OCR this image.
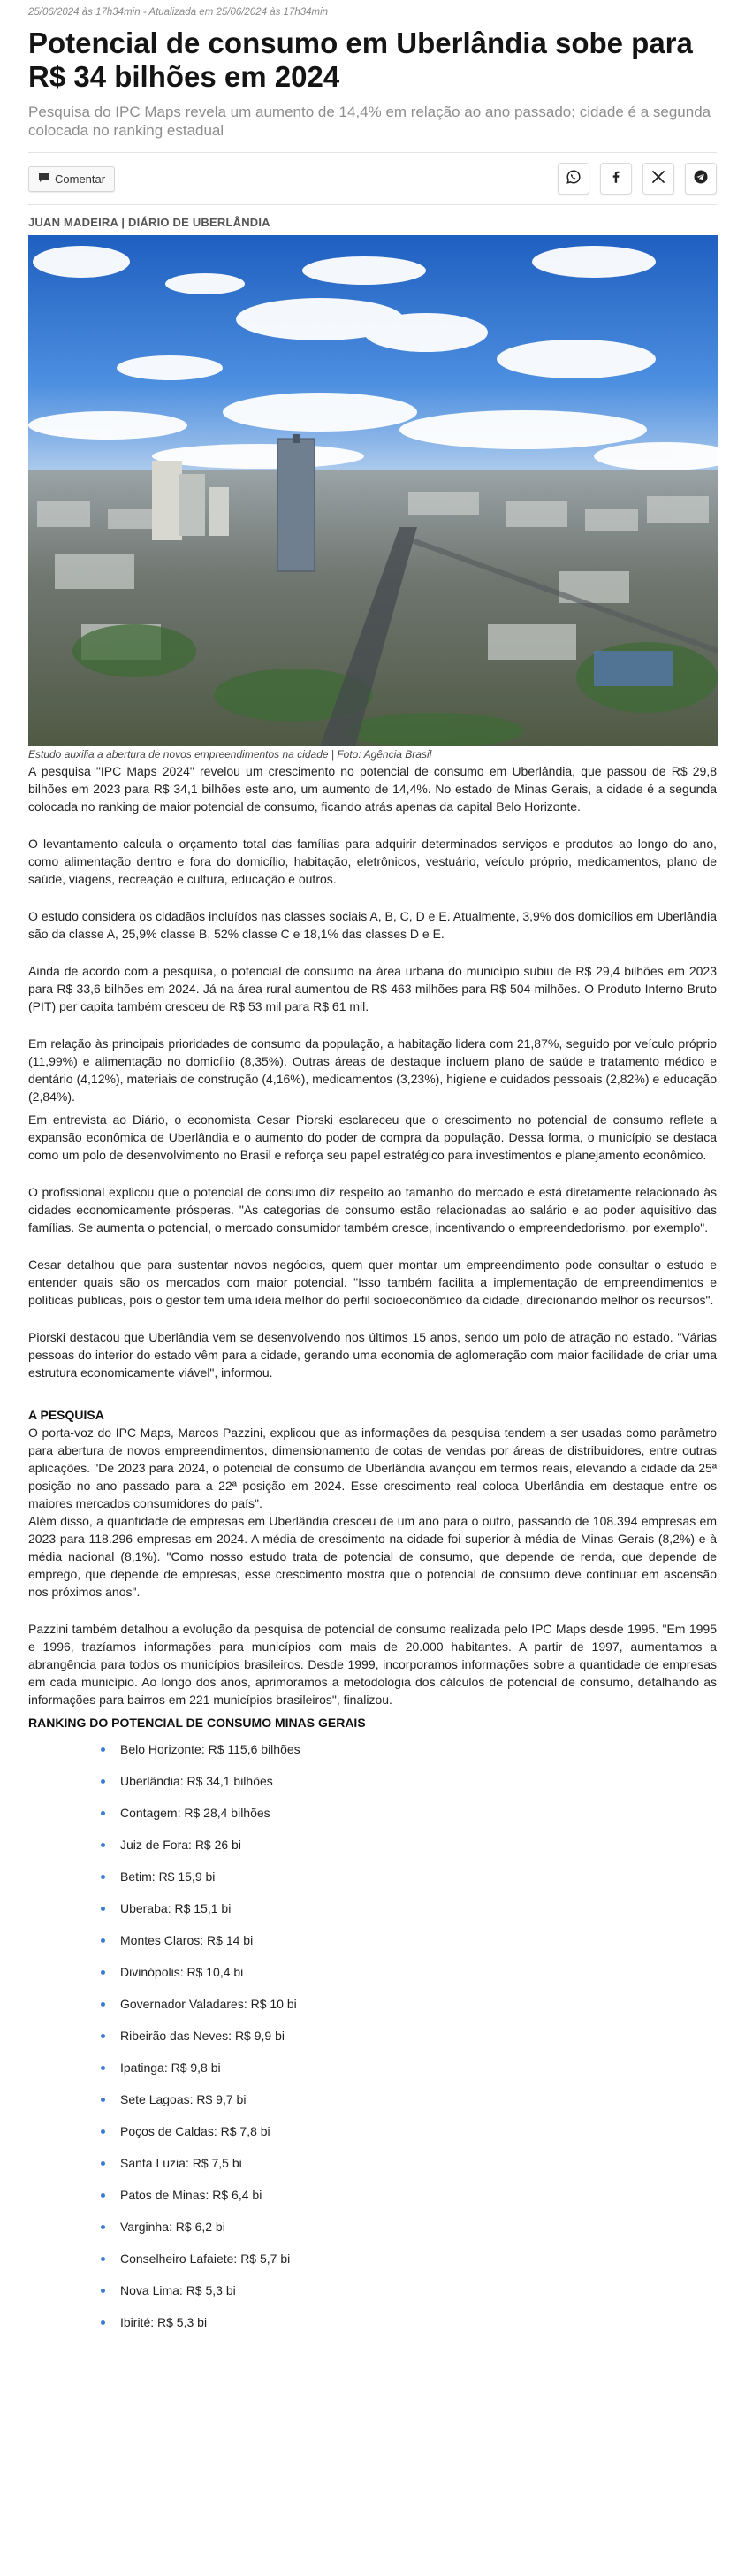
25/06/2024 às 17h34min - Atualizada em 25/06/2024 às 17h34min
Potencial de consumo em Uberlândia sobe para R$ 34 bilhões em 2024
Pesquisa do IPC Maps revela um aumento de 14,4% em relação ao ano passado; cidade é a segunda colocada no ranking estadual
Comentar
JUAN MADEIRA | DIÁRIO DE UBERLÂNDIA
Estudo auxilia a abertura de novos empreendimentos na cidade | Foto: Agência Brasil

A pesquisa "IPC Maps 2024" revelou um crescimento no potencial de consumo em Uberlândia, que passou de R$ 29,8 bilhões em 2023 para R$ 34,1 bilhões este ano, um aumento de 14,4%. No estado de Minas Gerais, a cidade é a segunda colocada no ranking de maior potencial de consumo, ficando atrás apenas da capital Belo Horizonte.

O levantamento calcula o orçamento total das famílias para adquirir determinados serviços e produtos ao longo do ano, como alimentação dentro e fora do domicílio, habitação, eletrônicos, vestuário, veículo próprio, medicamentos, plano de saúde, viagens, recreação e cultura, educação e outros.

O estudo considera os cidadãos incluídos nas classes sociais A, B, C, D e E. Atualmente, 3,9% dos domicílios em Uberlândia são da classe A, 25,9% classe B, 52% classe C e 18,1% das classes D e E.

Ainda de acordo com a pesquisa, o potencial de consumo na área urbana do município subiu de R$ 29,4 bilhões em 2023 para R$ 33,6 bilhões em 2024. Já na área rural aumentou de R$ 463 milhões para R$ 504 milhões. O Produto Interno Bruto (PIT) per capita também cresceu de R$ 53 mil para R$ 61 mil.

Em relação às principais prioridades de consumo da população, a habitação lidera com 21,87%, seguido por veículo próprio (11,99%) e alimentação no domicílio (8,35%). Outras áreas de destaque incluem plano de saúde e tratamento médico e dentário (4,12%), materiais de construção (4,16%), medicamentos (3,23%), higiene e cuidados pessoais (2,82%) e educação (2,84%).

Em entrevista ao Diário, o economista Cesar Piorski esclareceu que o crescimento no potencial de consumo reflete a expansão econômica de Uberlândia e o aumento do poder de compra da população. Dessa forma, o município se destaca como um polo de desenvolvimento no Brasil e reforça seu papel estratégico para investimentos e planejamento econômico.

O profissional explicou que o potencial de consumo diz respeito ao tamanho do mercado e está diretamente relacionado às cidades economicamente prósperas. "As categorias de consumo estão relacionadas ao salário e ao poder aquisitivo das famílias. Se aumenta o potencial, o mercado consumidor também cresce, incentivando o empreendedorismo, por exemplo".

Cesar detalhou que para sustentar novos negócios, quem quer montar um empreendimento pode consultar o estudo e entender quais são os mercados com maior potencial. "Isso também facilita a implementação de empreendimentos e políticas públicas, pois o gestor tem uma ideia melhor do perfil socioeconômico da cidade, direcionando melhor os recursos".

Piorski destacou que Uberlândia vem se desenvolvendo nos últimos 15 anos, sendo um polo de atração no estado. "Várias pessoas do interior do estado vêm para a cidade, gerando uma economia de aglomeração com maior facilidade de criar uma estrutura economicamente viável", informou.

A PESQUISA

O porta-voz do IPC Maps, Marcos Pazzini, explicou que as informações da pesquisa tendem a ser usadas como parâmetro para abertura de novos empreendimentos, dimensionamento de cotas de vendas por áreas de distribuidores, entre outras aplicações. "De 2023 para 2024, o potencial de consumo de Uberlândia avançou em termos reais, elevando a cidade da 25ª posição no ano passado para a 22ª posição em 2024. Esse crescimento real coloca Uberlândia em destaque entre os maiores mercados consumidores do país".

Além disso, a quantidade de empresas em Uberlândia cresceu de um ano para o outro, passando de 108.394 empresas em 2023 para 118.296 empresas em 2024. A média de crescimento na cidade foi superior à média de Minas Gerais (8,2%) e à média nacional (8,1%). "Como nosso estudo trata de potencial de consumo, que depende de renda, que depende de emprego, que depende de empresas, esse crescimento mostra que o potencial de consumo deve continuar em ascensão nos próximos anos".

Pazzini também detalhou a evolução da pesquisa de potencial de consumo realizada pelo IPC Maps desde 1995. "Em 1995 e 1996, trazíamos informações para municípios com mais de 20.000 habitantes. A partir de 1997, aumentamos a abrangência para todos os municípios brasileiros. Desde 1999, incorporamos informações sobre a quantidade de empresas em cada município. Ao longo dos anos, aprimoramos a metodologia dos cálculos de potencial de consumo, detalhando as informações para bairros em 221 municípios brasileiros", finalizou.

RANKING DO POTENCIAL DE CONSUMO MINAS GERAIS
Belo Horizonte: R$ 115,6 bilhões
Uberlândia: R$ 34,1 bilhões
Contagem: R$ 28,4 bilhões
Juiz de Fora: R$ 26 bi
Betim: R$ 15,9 bi
Uberaba: R$ 15,1 bi
Montes Claros: R$ 14 bi
Divinópolis: R$ 10,4 bi
Governador Valadares: R$ 10 bi
Ribeirão das Neves: R$ 9,9 bi
Ipatinga: R$ 9,8 bi
Sete Lagoas: R$ 9,7 bi
Poços de Caldas: R$ 7,8 bi
Santa Luzia: R$ 7,5 bi
Patos de Minas: R$ 6,4 bi
Varginha: R$ 6,2 bi
Conselheiro Lafaiete: R$ 5,7 bi
Nova Lima: R$ 5,3 bi
Ibirité: R$ 5,3 bi
